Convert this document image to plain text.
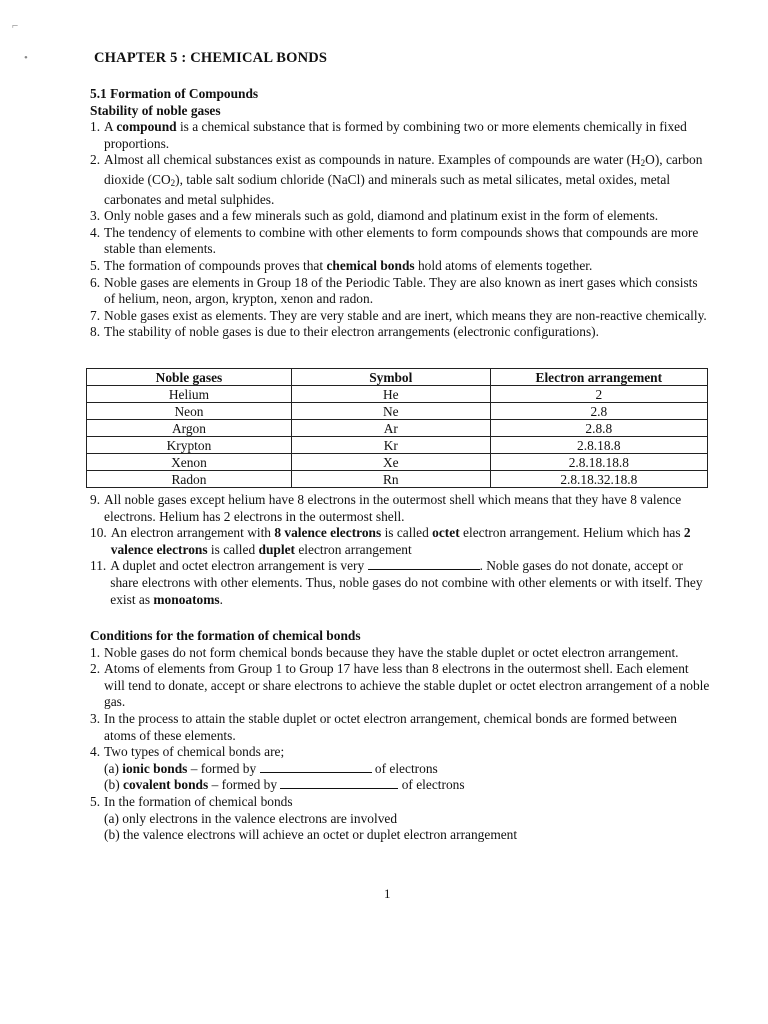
⌐
•	CHAPTER 5 : CHEMICAL BONDS
5.1 Formation of Compounds
Stability of noble gases
1. A compound is a chemical substance that is formed by combining two or more elements chemically in fixed proportions.
2. Almost all chemical substances exist as compounds in nature. Examples of compounds are water $(H_2O)$, carbon dioxide $(CO_2)$, table salt sodium chloride (NaCl) and minerals such as metal silicates, metal oxides, metal carbonates and metal sulphides.
3. Only noble gases and a few minerals such as gold, diamond and platinum exist in the form of elements.
4. The tendency of elements to combine with other elements to form compounds shows that compounds are more stable than elements.
5. The formation of compounds proves that chemical bonds hold atoms of elements together.
6. Noble gases are elements in Group 18 of the Periodic Table. They are also known as inert gases which consists of helium, neon, argon, krypton, xenon and radon.
7. Noble gases exist as elements. They are very stable and are inert, which means they are non-reactive chemically.
8. The stability of noble gases is due to their electron arrangements (electronic configurations).
Noble gases	Symbol	Electron arrangement
Helium	He	2
Neon	Ne	2.8
Argon	Ar	2.8.8
Krypton	Kr	2.8.18.8
Xenon	Xe	2.8.18.18.8
Radon	Rn	2.8.18.32.18.8
9. All noble gases except helium have 8 electrons in the outermost shell which means that they have 8 valence electrons. Helium has 2 electrons in the outermost shell.
10. An electron arrangement with 8 valence electrons is called octet electron arrangement. Helium which has 2 valence electrons is called duplet electron arrangement
11. A duplet and octet electron arrangement is very	. Noble gases do not donate, accept or share electrons with other elements. Thus, noble gases do not combine with other elements or with itself. They exist as monoatoms.
Conditions for the formation of chemical bonds
1. Noble gases do not form chemical bonds because they have the stable duplet or octet electron arrangement.
2. Atoms of elements from Group 1 to Group 17 have less than 8 electrons in the outermost shell. Each element will tend to donate, accept or share electrons to achieve the stable duplet or octet electron arrangement of a noble gas.
3. In the process to attain the stable duplet or octet electron arrangement, chemical bonds are formed between atoms of these elements.
4. Two types of chemical bonds are;
(a) ionic bonds – formed by	of electrons
(b) covalent bonds – formed by	of electrons
5. In the formation of chemical bonds
(a) only electrons in the valence electrons are involved
(b) the valence electrons will achieve an octet or duplet electron arrangement
1
